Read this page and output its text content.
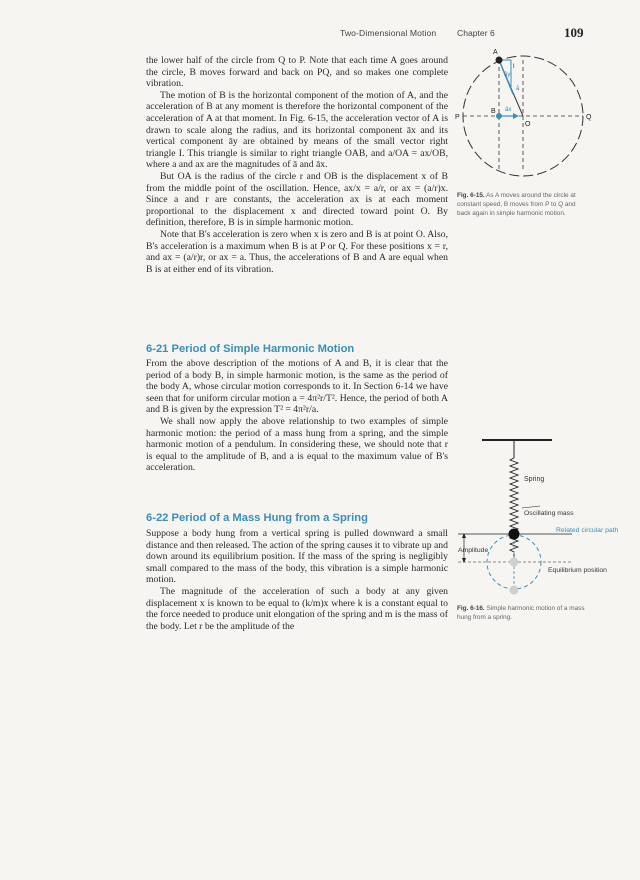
Two-Dimensional Motion Chapter 6	109

the lower half of the circle from Q to P. Note that each time A goes around the circle, B moves forward and back on PQ, and so makes one complete vibration.

The motion of B is the horizontal component of the motion of A, and the acceleration of B at any moment is therefore the horizontal component of the acceleration of A at that moment. In Fig. 6-15, the acceleration vector of A is drawn to scale along the radius, and its horizontal component āx and its vertical component āy are obtained by means of the small vector right triangle I. This triangle is similar to right triangle OAB, and a/OA = ax/OB, where a and ax are the magnitudes of ā and āx.

But OA is the radius of the circle r and OB is the displacement x of B from the middle point of the oscillation. Hence, ax/x = a/r, or ax = (a/r)x. Since a and r are constants, the acceleration ax is at each moment proportional to the displacement x and directed toward point O. By definition, therefore, B is in simple harmonic motion.

Note that B's acceleration is zero when x is zero and B is at point O. Also, B's acceleration is a maximum when B is at P or Q. For these positions x = r, and ax = (a/r)r, or ax = a. Thus, the accelerations of B and A are equal when B is at either end of its vibration.

6-21 Period of Simple Harmonic Motion

From the above description of the motions of A and B, it is clear that the period of a body B, in simple harmonic motion, is the same as the period of the body A, whose circular motion corresponds to it. In Section 6-14 we have seen that for uniform circular motion a = 4π²r/T². Hence, the period of both A and B is given by the expression T² = 4π²r/a.

We shall now apply the above relationship to two examples of simple harmonic motion: the period of a mass hung from a spring, and the simple harmonic motion of a pendulum. In considering these, we should note that r is equal to the amplitude of B, and a is equal to the maximum value of B's acceleration.

6-22 Period of a Mass Hung from a Spring

Suppose a body hung from a vertical spring is pulled downward a small distance and then released. The action of the spring causes it to vibrate up and down around its equilibrium position. If the mass of the spring is negligibly small compared to the mass of the body, this vibration is a simple harmonic motion.

The magnitude of the acceleration of such a body at any given displacement x is known to be equal to (k/m)x where k is a constant equal to the force needed to produce unit elongation of the spring and m is the mass of the body. Let r be the amplitude of the

A
P	Q
B
O
āy
āx
ā
I
Fig. 6-15. As A moves around the circle at constant speed, B moves from P to Q and back again in simple harmonic motion.
Spring
Oscillating mass
Related circular path
Amplitude
Equilibrium position
Fig. 6-16. Simple harmonic motion of a mass hung from a spring.
